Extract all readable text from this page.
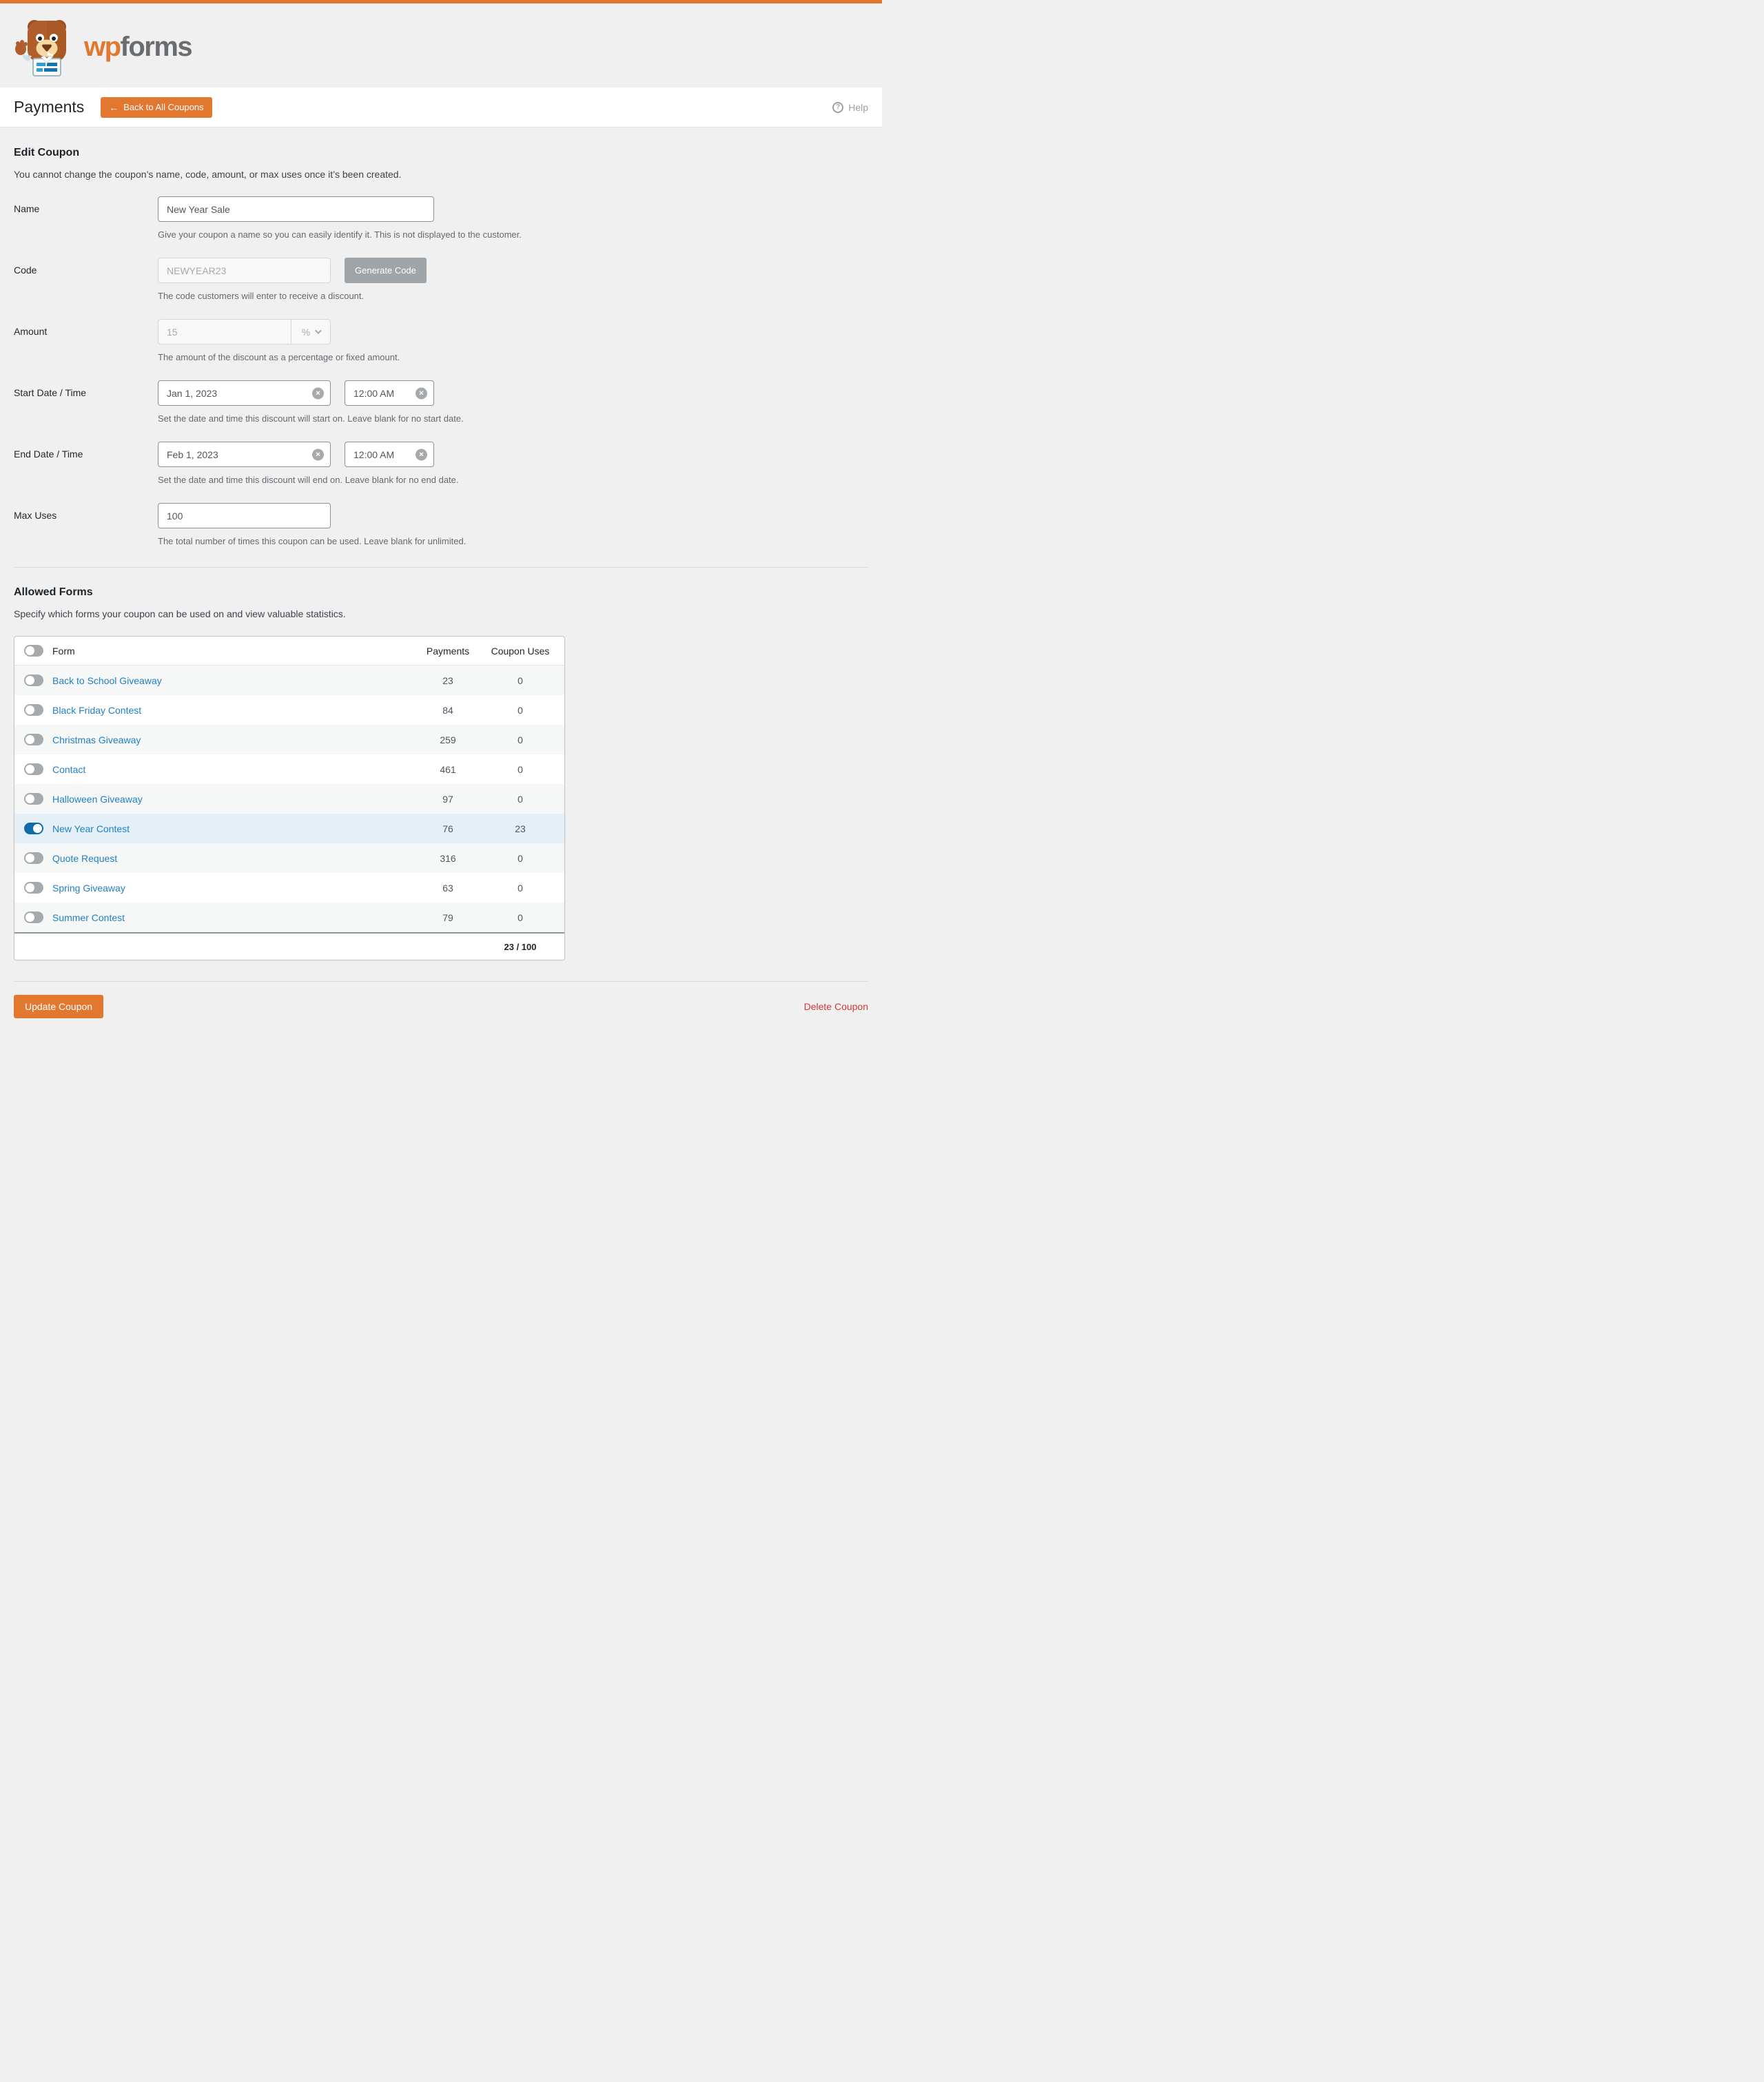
wpforms
Payments	← Back to All Coupons	? Help
Edit Coupon

You cannot change the coupon’s name, code, amount, or max uses once it’s been created.

Name
New Year Sale
Give your coupon a name so you can easily identify it. This is not displayed to the customer.
Code
NEWYEAR23	Generate Code
The code customers will enter to receive a discount.
Amount
15	%
The amount of the discount as a percentage or fixed amount.
Start Date / Time
Jan 1, 2023	✕
12:00 AM	✕
Set the date and time this discount will start on. Leave blank for no start date.
End Date / Time
Feb 1, 2023	✕
12:00 AM	✕
Set the date and time this discount will end on. Leave blank for no end date.
Max Uses
100
The total number of times this coupon can be used. Leave blank for unlimited.
Allowed Forms

Specify which forms your coupon can be used on and view valuable statistics.

Form	Payments	Coupon Uses
Back to School Giveaway	23	0
Black Friday Contest	84	0
Christmas Giveaway	259	0
Contact	461	0
Halloween Giveaway	97	0
New Year Contest	76	23
Quote Request	316	0
Spring Giveaway	63	0
Summer Contest	79	0
23 / 100
Update Coupon	Delete Coupon
